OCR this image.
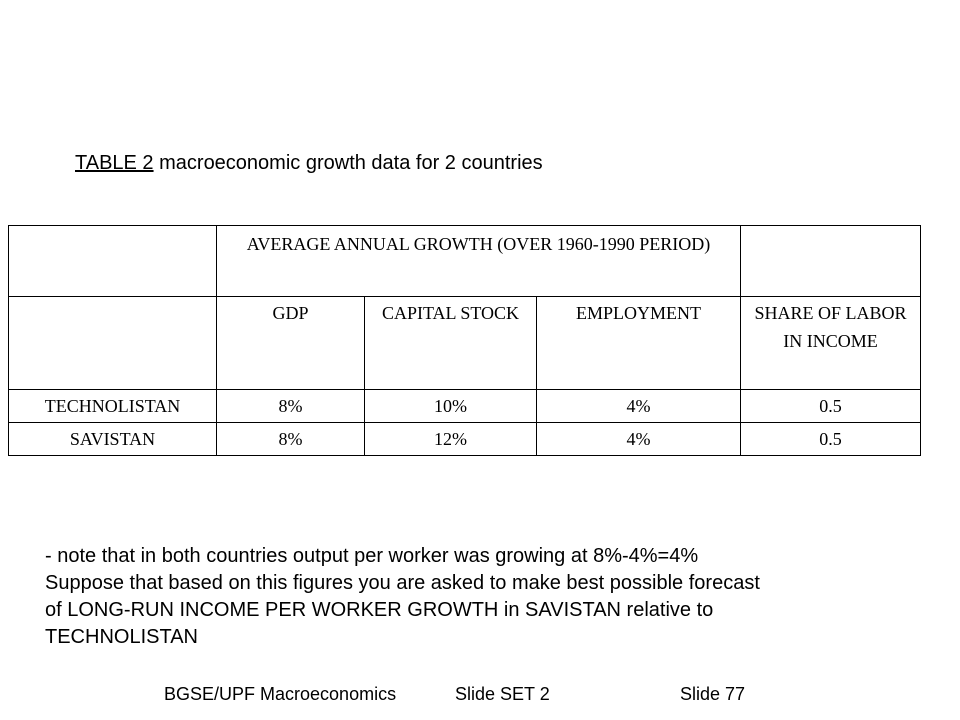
TABLE 2 macroeconomic growth data for 2 countries
	AVERAGE ANNUAL GROWTH (OVER 1960-1990 PERIOD)			
	GDP	CAPITAL STOCK	EMPLOYMENT	SHARE OF LABOR IN INCOME
TECHNOLISTAN	8%	10%	4%	0.5
SAVISTAN	8%	12%	4%	0.5
- note that in both countries output per worker was growing at 8%-4%=4%
Suppose that based on this figures you are asked to make best possible forecast
of LONG-RUN INCOME PER WORKER GROWTH in SAVISTAN relative to
TECHNOLISTAN
BGSE/UPF Macroeconomics	Slide SET 2	Slide 77
